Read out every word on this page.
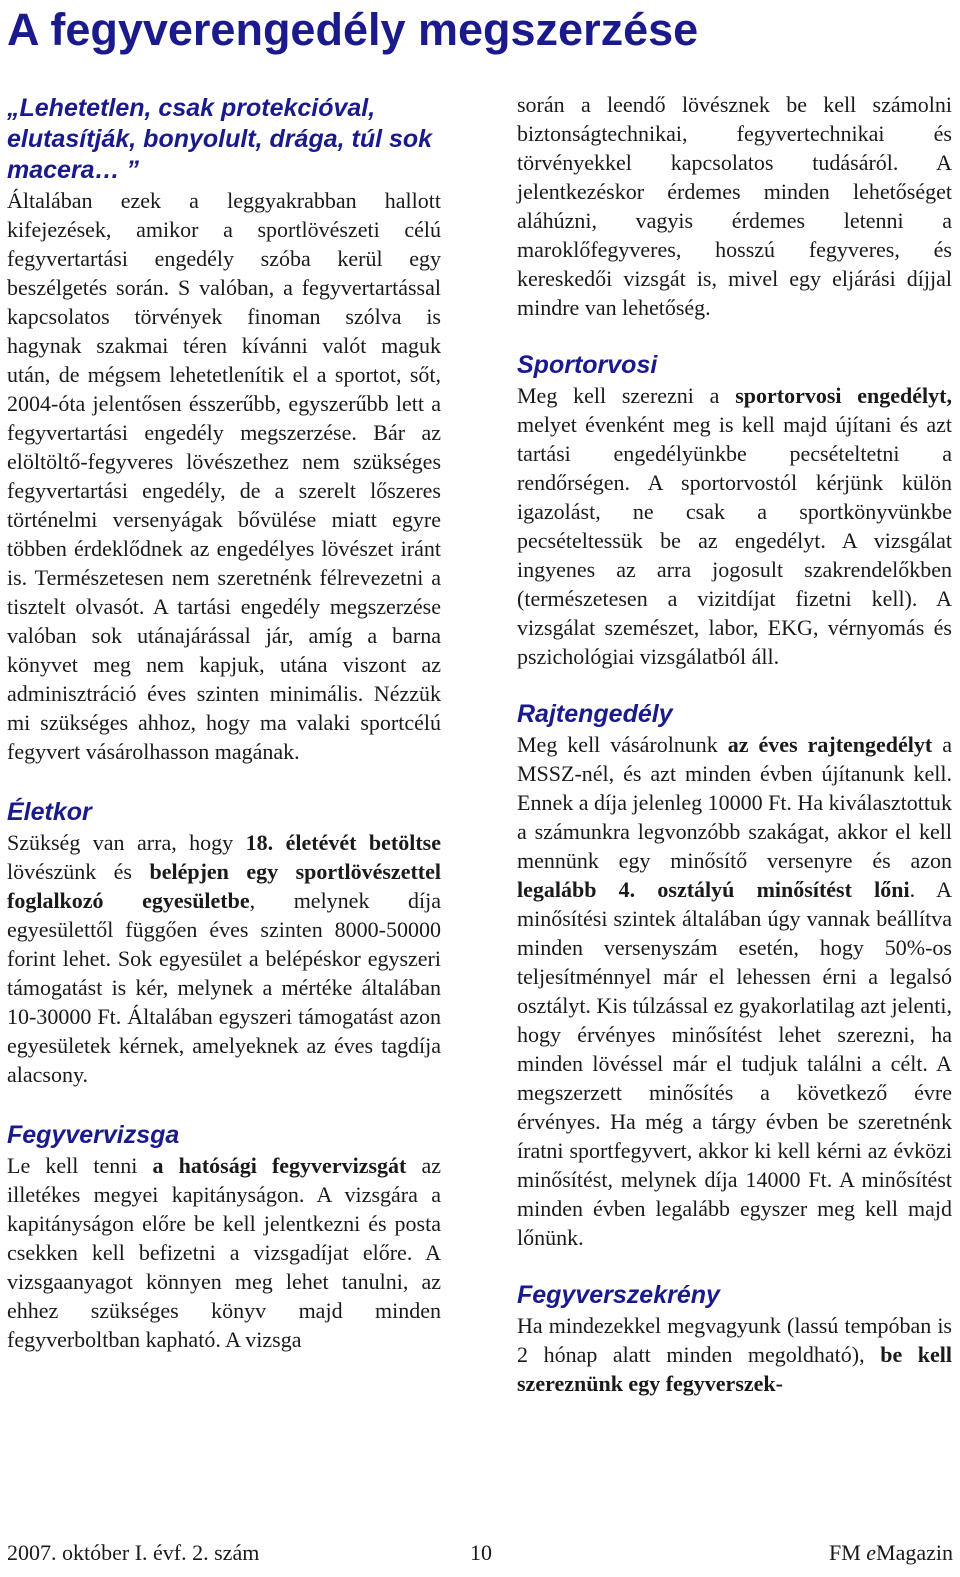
A fegyverengedély megszerzése

„Lehetetlen, csak protekcióval, elutasítják, bonyolult, drága, túl sok macera… ”

Általában ezek a leggyakrabban hallott kifejezések, amikor a sportlövészeti célú fegyvertartási engedély szóba kerül egy beszélgetés során. S valóban, a fegyvertartással kapcsolatos törvények finoman szólva is hagynak szakmai téren kívánni valót maguk után, de mégsem lehetetlenítik el a sportot, sőt, 2004-óta jelentősen ésszerűbb, egyszerűbb lett a fegyvertartási engedély megszerzése. Bár az elöltöltő-fegyveres lövészethez nem szükséges fegyvertartási engedély, de a szerelt lőszeres történelmi versenyágak bővülése miatt egyre többen érdeklődnek az engedélyes lövészet iránt is. Természetesen nem szeretnénk félrevezetni a tisztelt olvasót. A tartási engedély megszerzése valóban sok utánajárással jár, amíg a barna könyvet meg nem kapjuk, utána viszont az adminisztráció éves szinten minimális. Nézzük mi szükséges ahhoz, hogy ma valaki sportcélú fegyvert vásárolhasson magának.

Életkor

Szükség van arra, hogy 18. életévét betöltse lövészünk és belépjen egy sportlövészettel foglalkozó egyesületbe, melynek díja egyesülettől függően éves szinten 8000-50000 forint lehet. Sok egyesület a belépéskor egyszeri támogatást is kér, melynek a mértéke általában 10-30000 Ft. Általában egyszeri támogatást azon egyesületek kérnek, amelyeknek az éves tagdíja alacsony.

Fegyvervizsga

Le kell tenni a hatósági fegyvervizsgát az illetékes megyei kapitányságon. A vizsgára a kapitányságon előre be kell jelentkezni és posta csekken kell befizetni a vizsgadíjat előre. A vizsgaanyagot könnyen meg lehet tanulni, az ehhez szükséges könyv majd minden fegyverboltban kapható. A vizsga

során a leendő lövésznek be kell számolni biztonságtechnikai, fegyvertechnikai és törvényekkel kapcsolatos tudásáról. A jelentkezéskor érdemes minden lehetőséget aláhúzni, vagyis érdemes letenni a maroklőfegyveres, hosszú fegyveres, és kereskedői vizsgát is, mivel egy eljárási díjjal mindre van lehetőség.

Sportorvosi

Meg kell szerezni a sportorvosi engedélyt, melyet évenként meg is kell majd újítani és azt tartási engedélyünkbe pecsételtetni a rendőrségen. A sportorvostól kérjünk külön igazolást, ne csak a sportkönyvünkbe pecsételtessük be az engedélyt. A vizsgálat ingyenes az arra jogosult szakrendelőkben (természetesen a vizitdíjat fizetni kell). A vizsgálat szemészet, labor, EKG, vérnyomás és pszichológiai vizsgálatból áll.

Rajtengedély

Meg kell vásárolnunk az éves rajtengedélyt a MSSZ-nél, és azt minden évben újítanunk kell. Ennek a díja jelenleg 10000 Ft. Ha kiválasztottuk a számunkra legvonzóbb szakágat, akkor el kell mennünk egy minősítő versenyre és azon legalább 4. osztályú minősítést lőni. A minősítési szintek általában úgy vannak beállítva minden versenyszám esetén, hogy 50%-os teljesítménnyel már el lehessen érni a legalsó osztályt. Kis túlzással ez gyakorlatilag azt jelenti, hogy érvényes minősítést lehet szerezni, ha minden lövéssel már el tudjuk találni a célt. A megszerzett minősítés a következő évre érvényes. Ha még a tárgy évben be szeretnénk íratni sportfegyvert, akkor ki kell kérni az évközi minősítést, melynek díja 14000 Ft. A minősítést minden évben legalább egyszer meg kell majd lőnünk.

Fegyverszekrény

Ha mindezekkel megvagyunk (lassú tempóban is 2 hónap alatt minden megoldható), be kell szereznünk egy fegyverszek-

2007. október I. évf. 2. szám	10	FM eMagazin
